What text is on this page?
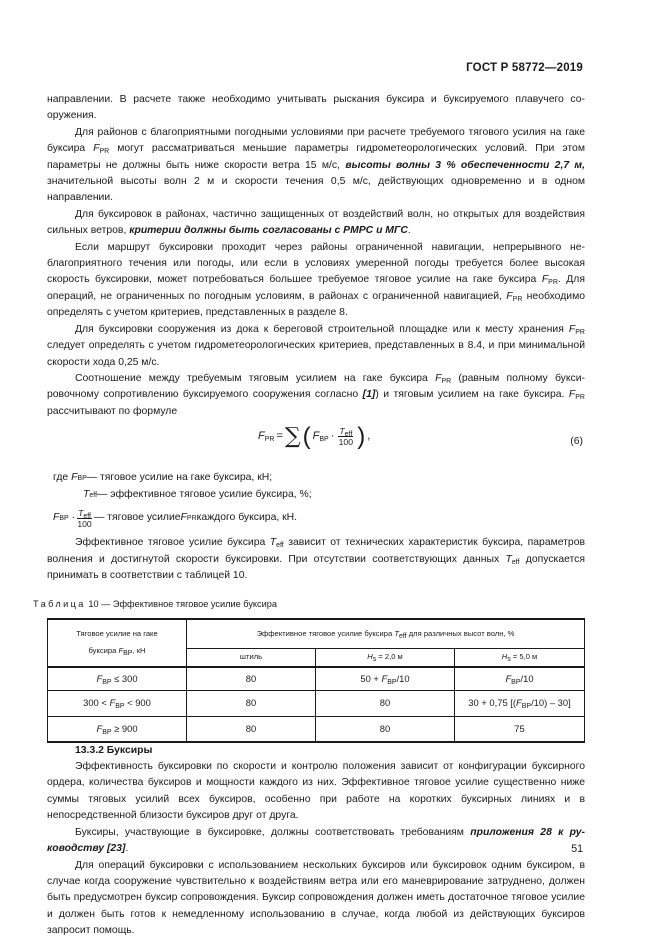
ГОСТ Р 58772—2019

направлении. В расчете также необходимо учитывать рыскания буксира и буксируемого плавучего сооружения.

Для районов с благоприятными погодными условиями при расчете требуемого тягового усилия на гаке буксира $F_{PR}$ могут рассматриваться меньшие параметры гидрометеорологических условий. При этом параметры не должны быть ниже скорости ветра 15 м/с, высоты волны 3 % обеспеченности 2,7 м, значительной высоты волн 2 м и скорости течения 0,5 м/с, действующих одновременно и в одном направлении.

Для буксировок в районах, частично защищенных от воздействий волн, но открытых для воздействия сильных ветров, критерии должны быть согласованы с РМРС и МГС.

Если маршрут буксировки проходит через районы ограниченной навигации, непрерывного неблагоприятного течения или погоды, или если в условиях умеренной погоды требуется более высокая скорость буксировки, может потребоваться большее требуемое тяговое усилие на гаке буксира $F_{PR}$. Для операций, не ограниченных по погодным условиям, в районах с ограниченной навигацией, $F_{PR}$ необходимо определять с учетом критериев, представленных в разделе 8.

Для буксировки сооружения из дока к береговой строительной площадке или к месту хранения $F_{PR}$ следует определять с учетом гидрометеорологических критериев, представленных в 8.4, и при минимальной скорости хода 0,25 м/с.

Соотношение между требуемым тяговым усилием на гаке буксира $F_{PR}$ (равным полному буксировочному сопротивлению буксируемого сооружения согласно [1]) и тяговым усилием на гаке буксира. $F_{PR}$ рассчитывают по формуле

$F_{PR}$ = ∑ ( $F_{BP} \cdot \frac{T_{eff}}{100}$ ) ,	(6)
где
F BP — тяговое усилие на гаке буксира, кН;
T eff — эффективное тяговое усилие буксира, %;
F BP
· $\frac{T_{eff}}{100}$ — тяговое усилие F PR каждого буксира, кН.

Эффективное тяговое усилие буксира $T_{eff}$ зависит от технических характеристик буксира, параметров волнения и достигнутой скорости буксировки. При отсутствии соответствующих данных $T_{eff}$ допускается принимать в соответствии с таблицей 10.

Таблица 10 — Эффективное тяговое усилие буксира
Тяговое усилие на гаке
буксира $F_{BP}$, кН	Эффективное тяговое усилие буксира $T_{eff}$ для различных высот волн, %		
	штиль	$H_s = 2,0$ м	$H_s = 5,0$ м
$F_{BP} \le 300$	80	$50 + F_{BP}/10$	$F_{BP}/10$
$300 < F_{BP} < 900$	80	80	30 + 0,75 $[(F_{BP}/10) - 30]$
$F_{BP} \ge 900$	80	80	75

13.3.2 Буксиры

Эффективность буксировки по скорости и контролю положения зависит от конфигурации буксирного ордера, количества буксиров и мощности каждого из них. Эффективное тяговое усилие существенно ниже суммы тяговых усилий всех буксиров, особенно при работе на коротких буксирных линиях и в непосредственной близости буксиров друг от друга.

Буксиры, участвующие в буксировке, должны соответствовать требованиям приложения 28 к руководству [23].

Для операций буксировки с использованием нескольких буксиров или буксировок одним буксиром, в случае когда сооружение чувствительно к воздействиям ветра или его маневрирование затруднено, должен быть предусмотрен буксир сопровождения. Буксир сопровождения должен иметь достаточное тяговое усилие и должен быть готов к немедленному использованию в случае, когда любой из действующих буксиров запросит помощь.

51
